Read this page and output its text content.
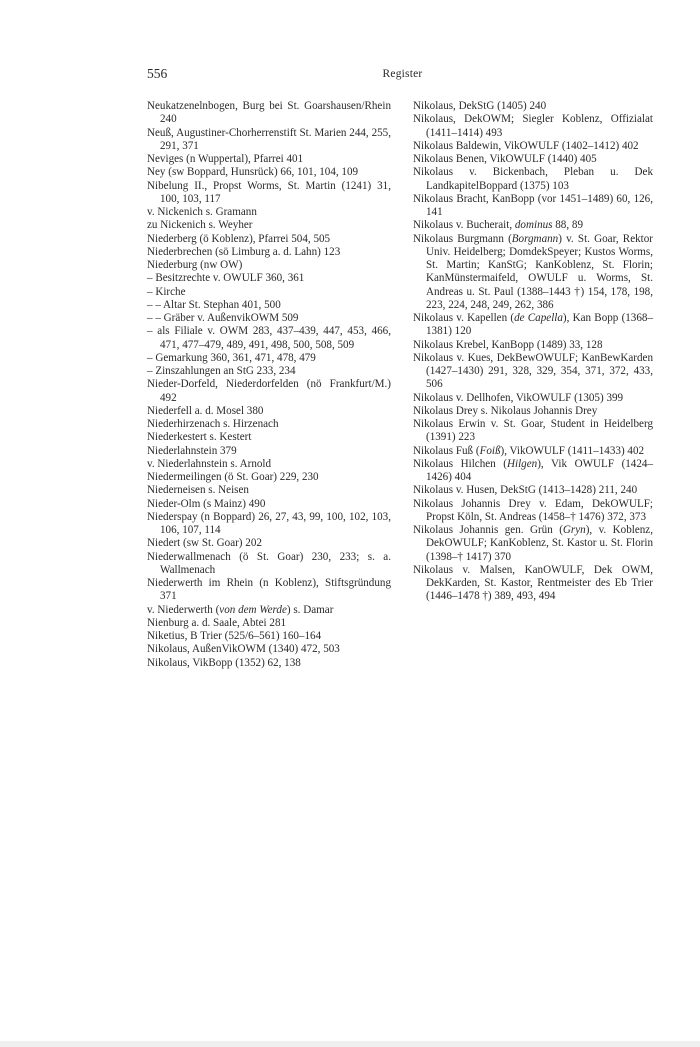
556	Register
Neukatzenelnbogen, Burg bei St. Goarshausen/Rhein 240
Neuß, Augustiner-Chorherrenstift St. Marien 244, 255, 291, 371
Neviges (n Wuppertal), Pfarrei 401
Ney (sw Boppard, Hunsrück) 66, 101, 104, 109
Nibelung II., Propst Worms, St. Martin (1241) 31, 100, 103, 117
v. Nickenich s. Gramann
zu Nickenich s. Weyher
Niederberg (ö Koblenz), Pfarrei 504, 505
Niederbrechen (sö Limburg a. d. Lahn) 123
Niederburg (nw OW)
– Besitzrechte v. OWULF 360, 361
– Kirche
– – Altar St. Stephan 401, 500
– – Gräber v. AußenvikOWM 509
– als Filiale v. OWM 283, 437–439, 447, 453, 466, 471, 477–479, 489, 491, 498, 500, 508, 509
– Gemarkung 360, 361, 471, 478, 479
– Zinszahlungen an StG 233, 234
Nieder-Dorfeld, Niederdorfelden (nö Frankfurt/M.) 492
Niederfell a. d. Mosel 380
Niederhirzenach s. Hirzenach
Niederkestert s. Kestert
Niederlahnstein 379
v. Niederlahnstein s. Arnold
Niedermeilingen (ö St. Goar) 229, 230
Niederneisen s. Neisen
Nieder-Olm (s Mainz) 490
Niederspay (n Boppard) 26, 27, 43, 99, 100, 102, 103, 106, 107, 114
Niedert (sw St. Goar) 202
Niederwallmenach (ö St. Goar) 230, 233; s. a. Wallmenach
Niederwerth im Rhein (n Koblenz), Stiftsgründung 371
v. Niederwerth (von dem Werde) s. Damar
Nienburg a. d. Saale, Abtei 281
Niketius, B Trier (525/6–561) 160–164
Nikolaus, AußenVikOWM (1340) 472, 503
Nikolaus, VikBopp (1352) 62, 138
Nikolaus, DekStG (1405) 240
Nikolaus, DekOWM; Siegler Koblenz, Offizialat (1411–1414) 493
Nikolaus Baldewin, VikOWULF (1402–1412) 402
Nikolaus Benen, VikOWULF (1440) 405
Nikolaus v. Bickenbach, Pleban u. Dek LandkapitelBoppard (1375) 103
Nikolaus Bracht, KanBopp (vor 1451–1489) 60, 126, 141
Nikolaus v. Bucherait, dominus 88, 89
Nikolaus Burgmann (Borgmann) v. St. Goar, Rektor Univ. Heidelberg; DomdekSpeyer; Kustos Worms, St. Martin; KanStG; KanKoblenz, St. Florin; KanMünstermaifeld, OWULF u. Worms, St. Andreas u. St. Paul (1388–1443 †) 154, 178, 198, 223, 224, 248, 249, 262, 386
Nikolaus v. Kapellen (de Capella), Kan Bopp (1368–1381) 120
Nikolaus Krebel, KanBopp (1489) 33, 128
Nikolaus v. Kues, DekBewOWULF; KanBewKarden (1427–1430) 291, 328, 329, 354, 371, 372, 433, 506
Nikolaus v. Dellhofen, VikOWULF (1305) 399
Nikolaus Drey s. Nikolaus Johannis Drey
Nikolaus Erwin v. St. Goar, Student in Heidelberg (1391) 223
Nikolaus Fuß (Foiß), VikOWULF (1411–1433) 402
Nikolaus Hilchen (Hilgen), Vik OWULF (1424–1426) 404
Nikolaus v. Husen, DekStG (1413–1428) 211, 240
Nikolaus Johannis Drey v. Edam, DekOWULF; Propst Köln, St. Andreas (1458–† 1476) 372, 373
Nikolaus Johannis gen. Grün (Gryn), v. Koblenz, DekOWULF; KanKoblenz, St. Kastor u. St. Florin (1398–† 1417) 370
Nikolaus v. Malsen, KanOWULF, Dek OWM, DekKarden, St. Kastor, Rentmeister des Eb Trier (1446–1478 †) 389, 493, 494
